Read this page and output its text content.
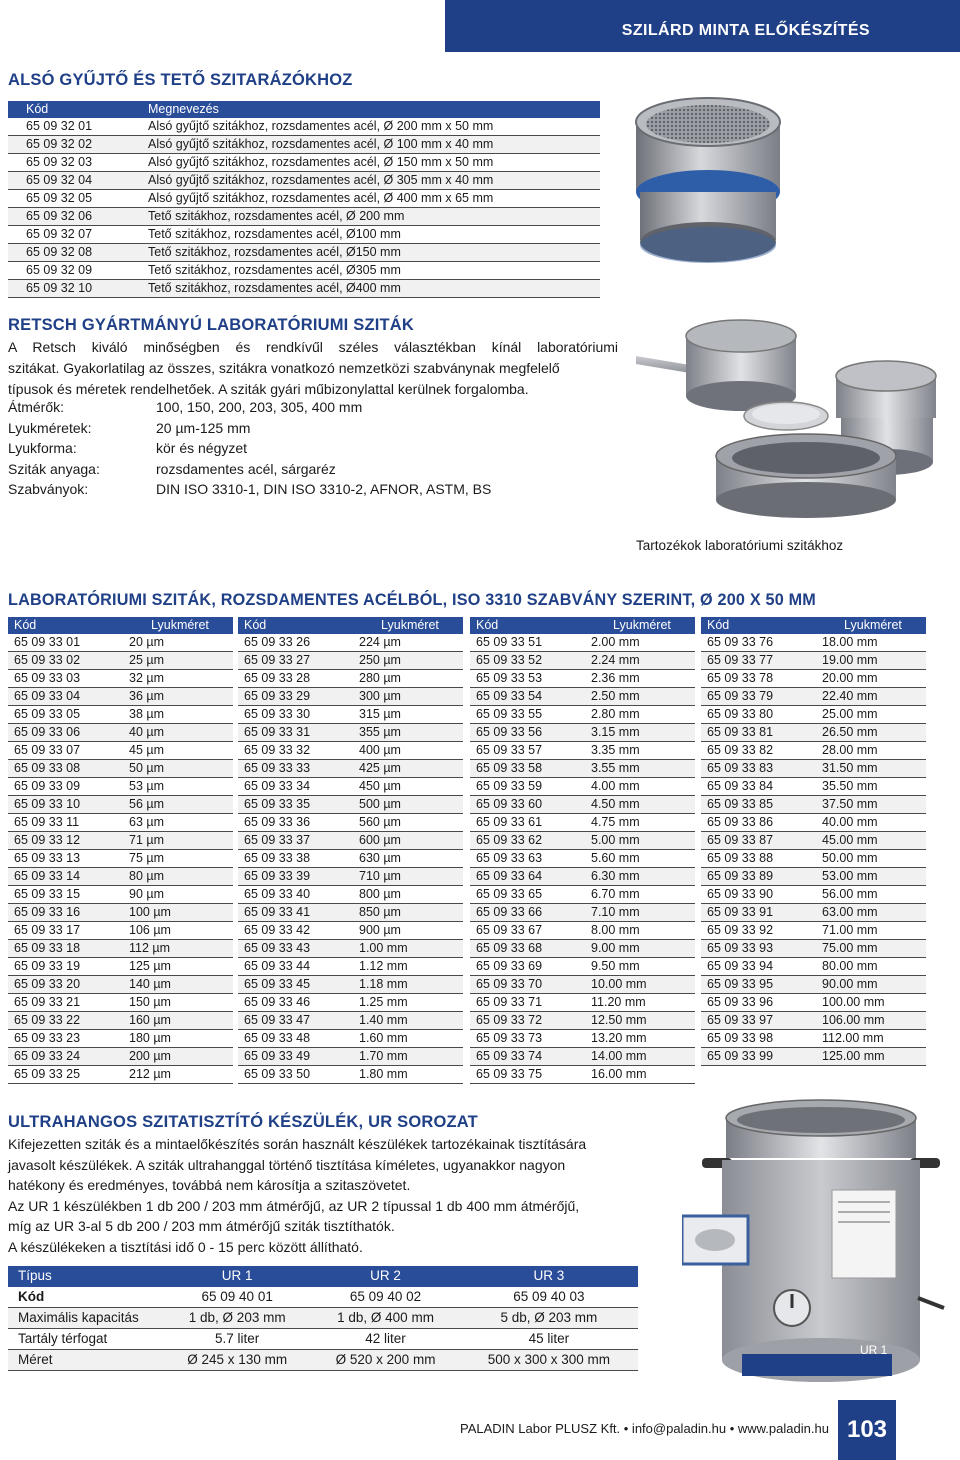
SZILÁRD MINTA ELŐKÉSZÍTÉS
ALSÓ GYŰJTŐ ÉS TETŐ SZITARÁZÓKHOZ
Kód	Megnevezés
65 09 32 01	Alsó gyűjtő szitákhoz, rozsdamentes acél, Ø 200 mm x 50 mm
65 09 32 02	Alsó gyűjtő szitákhoz, rozsdamentes acél, Ø 100 mm x 40 mm
65 09 32 03	Alsó gyűjtő szitákhoz, rozsdamentes acél, Ø 150 mm x 50 mm
65 09 32 04	Alsó gyűjtő szitákhoz, rozsdamentes acél, Ø 305 mm x 40 mm
65 09 32 05	Alsó gyűjtő szitákhoz, rozsdamentes acél, Ø 400 mm x 65 mm
65 09 32 06	Tető szitákhoz, rozsdamentes acél, Ø 200 mm
65 09 32 07	Tető szitákhoz, rozsdamentes acél, Ø100 mm
65 09 32 08	Tető szitákhoz, rozsdamentes acél, Ø150 mm
65 09 32 09	Tető szitákhoz, rozsdamentes acél, Ø305 mm
65 09 32 10	Tető szitákhoz, rozsdamentes acél, Ø400 mm
RETSCH GYÁRTMÁNYÚ LABORATÓRIUMI SZITÁK
A Retsch kiváló minőségben és rendkívűl széles választékban kínál laboratóriumi
szitákat. Gyakorlatilag az összes, szitákra vonatkozó nemzetközi szabványnak megfelelő
típusok és méretek rendelhetőek. A sziták gyári műbizonylattal kerülnek forgalomba.
Átmérők:	100, 150, 200, 203, 305, 400 mm
Lyukméretek:	20 µm-125 mm
Lyukforma:	kör és négyzet
Sziták anyaga:	rozsdamentes acél, sárgaréz
Szabványok:	DIN ISO 3310-1, DIN ISO 3310-2, AFNOR, ASTM, BS
Tartozékok laboratóriumi szitákhoz
LABORATÓRIUMI SZITÁK, ROZSDAMENTES ACÉLBÓL, ISO 3310 SZABVÁNY SZERINT, Ø 200 X 50 MM
Kód	Lyukméret
65 09 33 01	20 µm
65 09 33 02	25 µm
65 09 33 03	32 µm
65 09 33 04	36 µm
65 09 33 05	38 µm
65 09 33 06	40 µm
65 09 33 07	45 µm
65 09 33 08	50 µm
65 09 33 09	53 µm
65 09 33 10	56 µm
65 09 33 11	63 µm
65 09 33 12	71 µm
65 09 33 13	75 µm
65 09 33 14	80 µm
65 09 33 15	90 µm
65 09 33 16	100 µm
65 09 33 17	106 µm
65 09 33 18	112 µm
65 09 33 19	125 µm
65 09 33 20	140 µm
65 09 33 21	150 µm
65 09 33 22	160 µm
65 09 33 23	180 µm
65 09 33 24	200 µm
65 09 33 25	212 µm
Kód	Lyukméret
65 09 33 26	224 µm
65 09 33 27	250 µm
65 09 33 28	280 µm
65 09 33 29	300 µm
65 09 33 30	315 µm
65 09 33 31	355 µm
65 09 33 32	400 µm
65 09 33 33	425 µm
65 09 33 34	450 µm
65 09 33 35	500 µm
65 09 33 36	560 µm
65 09 33 37	600 µm
65 09 33 38	630 µm
65 09 33 39	710 µm
65 09 33 40	800 µm
65 09 33 41	850 µm
65 09 33 42	900 µm
65 09 33 43	1.00 mm
65 09 33 44	1.12 mm
65 09 33 45	1.18 mm
65 09 33 46	1.25 mm
65 09 33 47	1.40 mm
65 09 33 48	1.60 mm
65 09 33 49	1.70 mm
65 09 33 50	1.80 mm
Kód	Lyukméret
65 09 33 51	2.00 mm
65 09 33 52	2.24 mm
65 09 33 53	2.36 mm
65 09 33 54	2.50 mm
65 09 33 55	2.80 mm
65 09 33 56	3.15 mm
65 09 33 57	3.35 mm
65 09 33 58	3.55 mm
65 09 33 59	4.00 mm
65 09 33 60	4.50 mm
65 09 33 61	4.75 mm
65 09 33 62	5.00 mm
65 09 33 63	5.60 mm
65 09 33 64	6.30 mm
65 09 33 65	6.70 mm
65 09 33 66	7.10 mm
65 09 33 67	8.00 mm
65 09 33 68	9.00 mm
65 09 33 69	9.50 mm
65 09 33 70	10.00 mm
65 09 33 71	11.20 mm
65 09 33 72	12.50 mm
65 09 33 73	13.20 mm
65 09 33 74	14.00 mm
65 09 33 75	16.00 mm
Kód	Lyukméret
65 09 33 76	18.00 mm
65 09 33 77	19.00 mm
65 09 33 78	20.00 mm
65 09 33 79	22.40 mm
65 09 33 80	25.00 mm
65 09 33 81	26.50 mm
65 09 33 82	28.00 mm
65 09 33 83	31.50 mm
65 09 33 84	35.50 mm
65 09 33 85	37.50 mm
65 09 33 86	40.00 mm
65 09 33 87	45.00 mm
65 09 33 88	50.00 mm
65 09 33 89	53.00 mm
65 09 33 90	56.00 mm
65 09 33 91	63.00 mm
65 09 33 92	71.00 mm
65 09 33 93	75.00 mm
65 09 33 94	80.00 mm
65 09 33 95	90.00 mm
65 09 33 96	100.00 mm
65 09 33 97	106.00 mm
65 09 33 98	112.00 mm
65 09 33 99	125.00 mm
ULTRAHANGOS SZITATISZTÍTÓ KÉSZÜLÉK, UR SOROZAT
Kifejezetten sziták és a mintaelőkészítés során használt készülékek tartozékainak tisztítására
javasolt készülékek. A sziták ultrahanggal történő tisztítása kíméletes, ugyanakkor nagyon
hatékony és eredményes, továbbá nem károsítja a szitaszövetet.
Az UR 1 készülékben 1 db 200 / 203 mm átmérőjű, az UR 2 típussal 1 db 400 mm átmérőjű,
míg az UR 3-al 5 db 200 / 203 mm átmérőjű sziták tisztíthatók.
A készülékeken a tisztítási idő 0 - 15 perc között állítható.
Típus	UR 1	UR 2	UR 3
Kód	65 09 40 01	65 09 40 02	65 09 40 03
Maximális kapacitás	1 db, Ø 203 mm	1 db, Ø 400 mm	5 db, Ø 203 mm
Tartály térfogat	5.7 liter	42 liter	45 liter
Méret	Ø 245 x 130 mm	Ø 520 x 200 mm	500 x 300 x 300 mm
UR 1
PALADIN Labor PLUSZ Kft. • info@paladin.hu • www.paladin.hu 103
